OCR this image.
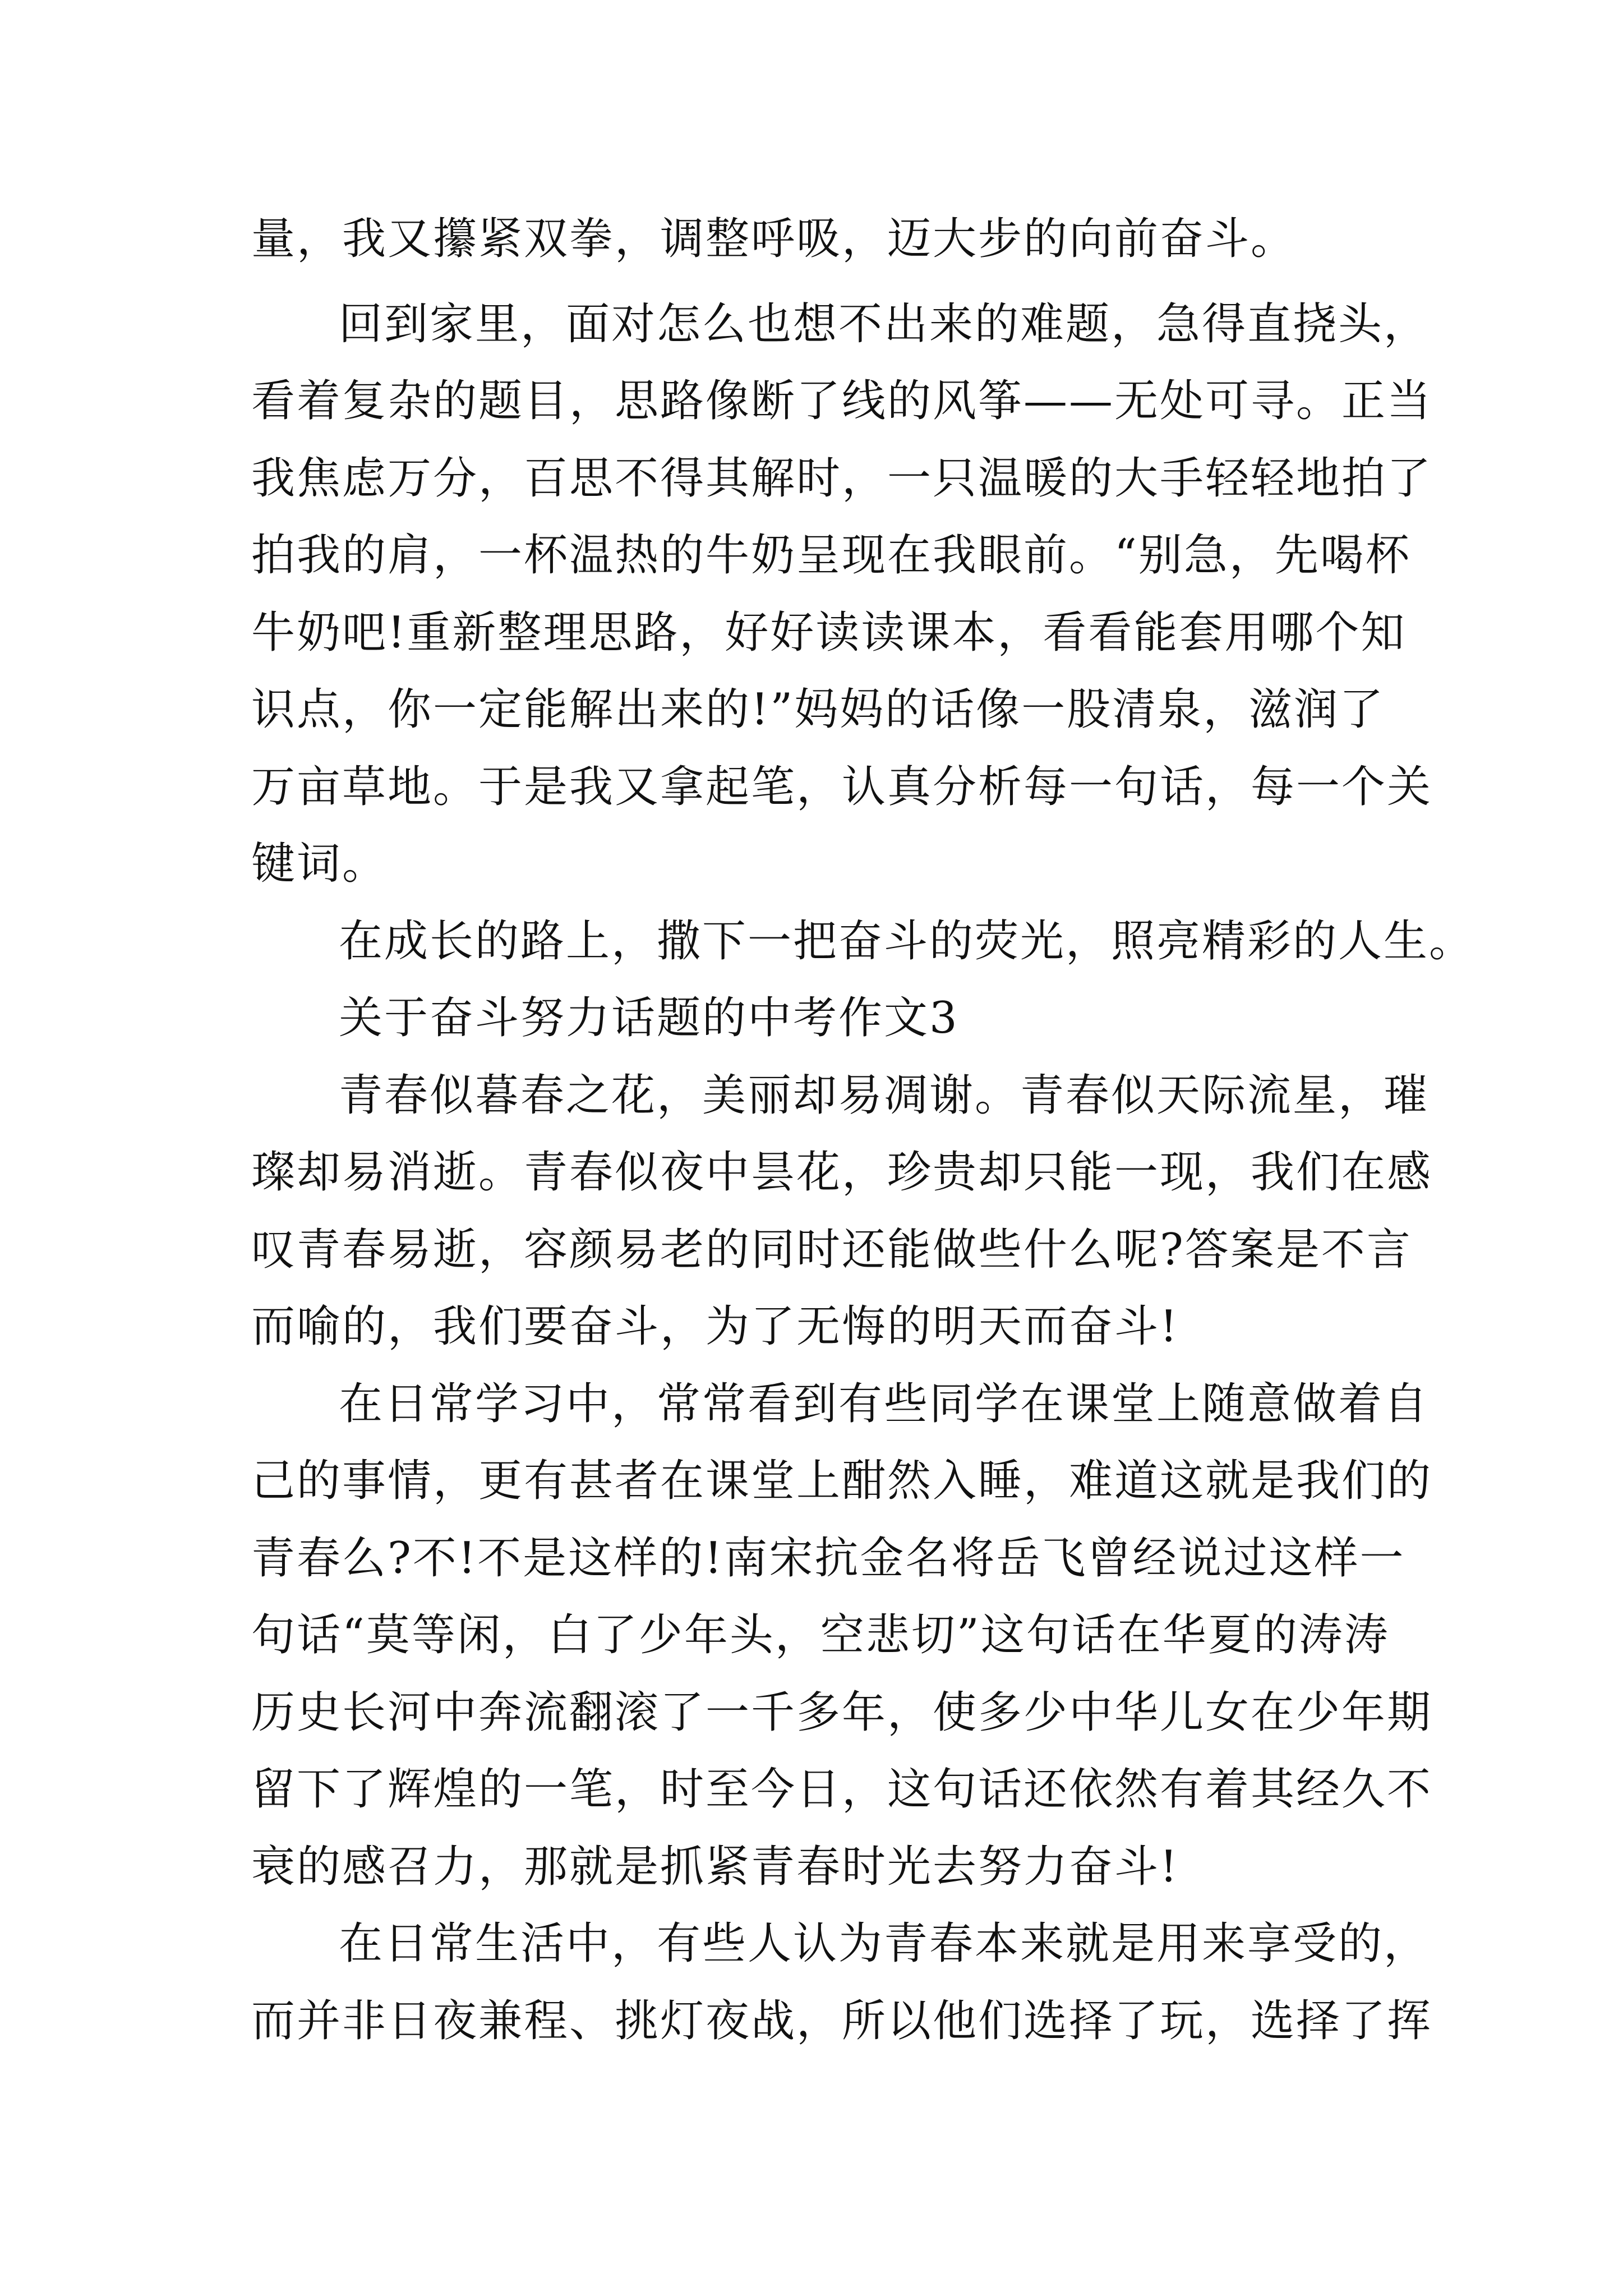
量，我又攥紧双拳，调整呼吸，迈大步的向前奋斗。
回到家里，面对怎么也想不出来的难题，急得直挠头，
看着复杂的题目，思路像断了线的风筝——无处可寻。正当
我焦虑万分，百思不得其解时，一只温暖的大手轻轻地拍了
拍我的肩，一杯温热的牛奶呈现在我眼前。“别急，先喝杯
牛奶吧!重新整理思路，好好读读课本，看看能套用哪个知
识点，你一定能解出来的!”妈妈的话像一股清泉，滋润了
万亩草地。于是我又拿起笔，认真分析每一句话，每一个关
键词。
在成长的路上，撒下一把奋斗的荧光，照亮精彩的人生。
关于奋斗努力话题的中考作文3
青春似暮春之花，美丽却易凋谢。青春似天际流星，璀
璨却易消逝。青春似夜中昙花，珍贵却只能一现，我们在感
叹青春易逝，容颜易老的同时还能做些什么呢?答案是不言
而喻的，我们要奋斗，为了无悔的明天而奋斗!
在日常学习中，常常看到有些同学在课堂上随意做着自
己的事情，更有甚者在课堂上酣然入睡，难道这就是我们的
青春么?不!不是这样的!南宋抗金名将岳飞曾经说过这样一
句话“莫等闲，白了少年头，空悲切”这句话在华夏的涛涛
历史长河中奔流翻滚了一千多年，使多少中华儿女在少年期
留下了辉煌的一笔，时至今日，这句话还依然有着其经久不
衰的感召力，那就是抓紧青春时光去努力奋斗!
在日常生活中，有些人认为青春本来就是用来享受的，
而并非日夜兼程、挑灯夜战，所以他们选择了玩，选择了挥
